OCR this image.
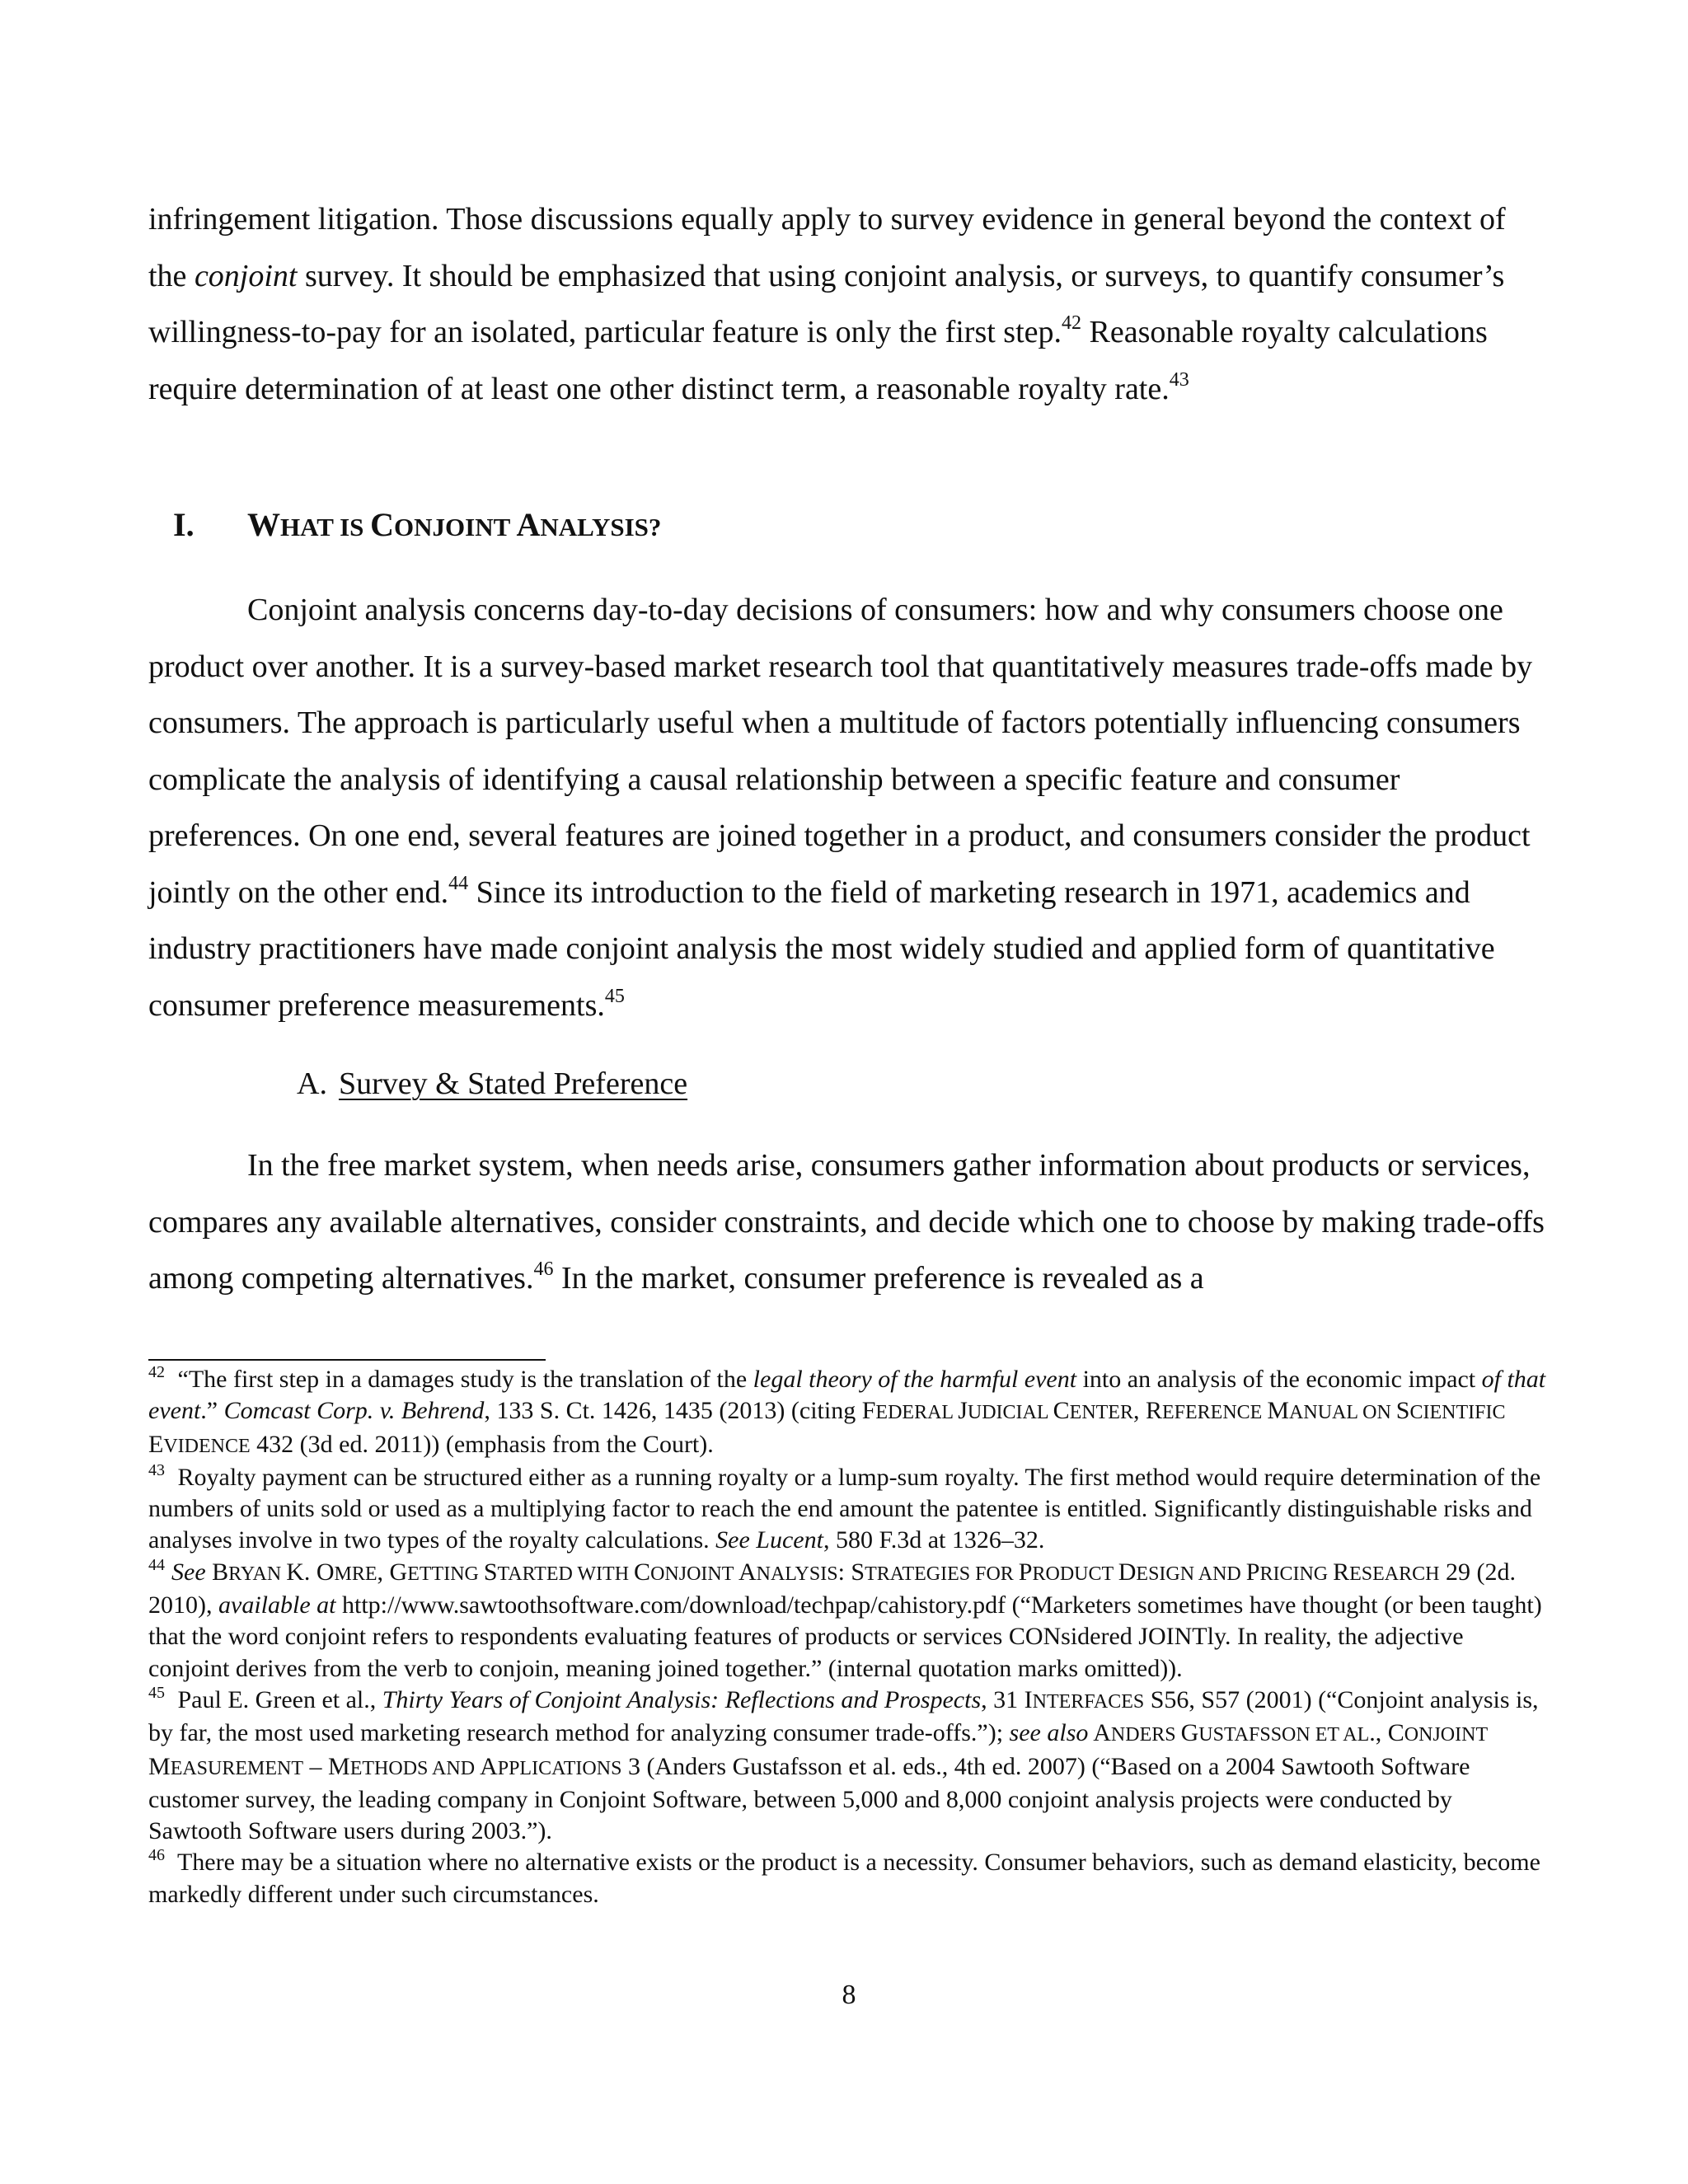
infringement litigation. Those discussions equally apply to survey evidence in general beyond the context of the conjoint survey. It should be emphasized that using conjoint analysis, or surveys, to quantify consumer’s willingness-to-pay for an isolated, particular feature is only the first step.$^{42}$ Reasonable royalty calculations require determination of at least one other distinct term, a reasonable royalty rate.$^{43}$

I. WHAT IS CONJOINT ANALYSIS?

Conjoint analysis concerns day-to-day decisions of consumers: how and why consumers choose one product over another. It is a survey-based market research tool that quantitatively measures trade-offs made by consumers. The approach is particularly useful when a multitude of factors potentially influencing consumers complicate the analysis of identifying a causal relationship between a specific feature and consumer preferences. On one end, several features are joined together in a product, and consumers consider the product jointly on the other end.$^{44}$ Since its introduction to the field of marketing research in 1971, academics and industry practitioners have made conjoint analysis the most widely studied and applied form of quantitative consumer preference measurements.$^{45}$

A. Survey & Stated Preference

In the free market system, when needs arise, consumers gather information about products or services, compares any available alternatives, consider constraints, and decide which one to choose by making trade-offs among competing alternatives.$^{46}$ In the market, consumer preference is revealed as a

$^{42}$ “The first step in a damages study is the translation of the legal theory of the harmful event into an analysis of the economic impact of that event.” Comcast Corp. v. Behrend, 133 S. Ct. 1426, 1435 (2013) (citing FEDERAL JUDICIAL CENTER, REFERENCE MANUAL ON SCIENTIFIC EVIDENCE 432 (3d ed. 2011)) (emphasis from the Court).

$^{43}$ Royalty payment can be structured either as a running royalty or a lump-sum royalty. The first method would require determination of the numbers of units sold or used as a multiplying factor to reach the end amount the patentee is entitled. Significantly distinguishable risks and analyses involve in two types of the royalty calculations. See Lucent, 580 F.3d at 1326–32.

$^{44}$ See BRYAN K. OMRE, GETTING STARTED WITH CONJOINT ANALYSIS: STRATEGIES FOR PRODUCT DESIGN AND PRICING RESEARCH 29 (2d. 2010), available at http://www.sawtoothsoftware.com/download/techpap/cahistory.pdf (“Marketers sometimes have thought (or been taught) that the word conjoint refers to respondents evaluating features of products or services CONsidered JOINTly. In reality, the adjective conjoint derives from the verb to conjoin, meaning joined together.” (internal quotation marks omitted)).

$^{45}$ Paul E. Green et al., Thirty Years of Conjoint Analysis: Reflections and Prospects, 31 INTERFACES S56, S57 (2001) (“Conjoint analysis is, by far, the most used marketing research method for analyzing consumer trade-offs.”); see also ANDERS GUSTAFSSON ET AL., CONJOINT MEASUREMENT – METHODS AND APPLICATIONS 3 (Anders Gustafsson et al. eds., 4th ed. 2007) (“Based on a 2004 Sawtooth Software customer survey, the leading company in Conjoint Software, between 5,000 and 8,000 conjoint analysis projects were conducted by Sawtooth Software users during 2003.”).

$^{46}$ There may be a situation where no alternative exists or the product is a necessity. Consumer behaviors, such as demand elasticity, become markedly different under such circumstances.

8
